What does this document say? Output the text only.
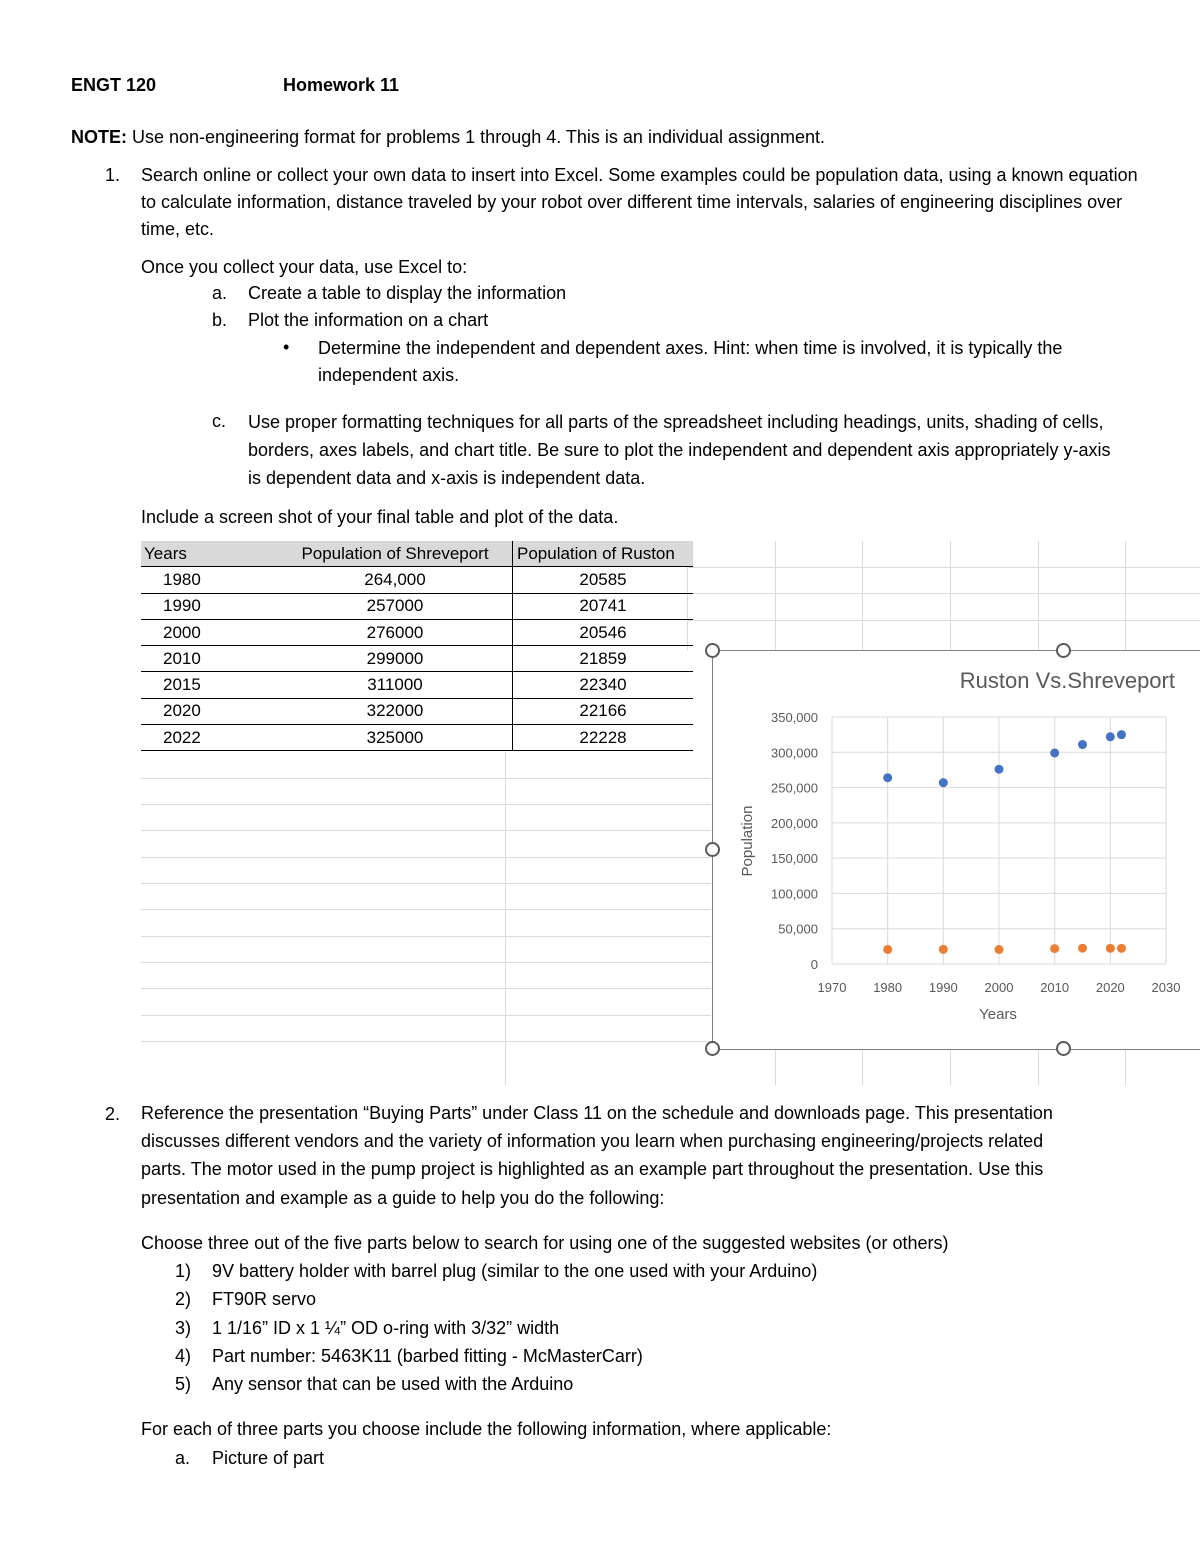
ENGT 120	Homework 11
NOTE: Use non-engineering format for problems 1 through 4. This is an individual assignment.
1. Search online or collect your own data to insert into Excel. Some examples could be population data, using a known equation to calculate information, distance traveled by your robot over different time intervals, salaries of engineering disciplines over time, etc.
Once you collect your data, use Excel to:
a. Create a table to display the information
b. Plot the information on a chart
• Determine the independent and dependent axes. Hint: when time is involved, it is typically the independent axis.
c. Use proper formatting techniques for all parts of the spreadsheet including headings, units, shading of cells, borders, axes labels, and chart title. Be sure to plot the independent and dependent axis appropriately y-axis is dependent data and x-axis is independent data.
Include a screen shot of your final table and plot of the data.
Years	Population of Shreveport	Population of Ruston
1980	264,000	20585
1990	257000	20741
2000	276000	20546
2010	299000	21859
2015	311000	22340
2020	322000	22166
2022	325000	22228
Ruston Vs.Shreveport
Population
Years
0
50,000
100,000
150,000
200,000
250,000
300,000
350,000
1970 1980 1990 2000 2010 2020 2030
2. Reference the presentation “Buying Parts” under Class 11 on the schedule and downloads page. This presentation discusses different vendors and the variety of information you learn when purchasing engineering/projects related parts. The motor used in the pump project is highlighted as an example part throughout the presentation. Use this presentation and example as a guide to help you do the following:
Choose three out of the five parts below to search for using one of the suggested websites (or others)
1) 9V battery holder with barrel plug (similar to the one used with your Arduino)
2) FT90R servo
3) 1 1/16” ID x 1 ¼” OD o-ring with 3/32” width
4) Part number: 5463K11 (barbed fitting - McMasterCarr)
5) Any sensor that can be used with the Arduino
For each of three parts you choose include the following information, where applicable:
a. Picture of part
